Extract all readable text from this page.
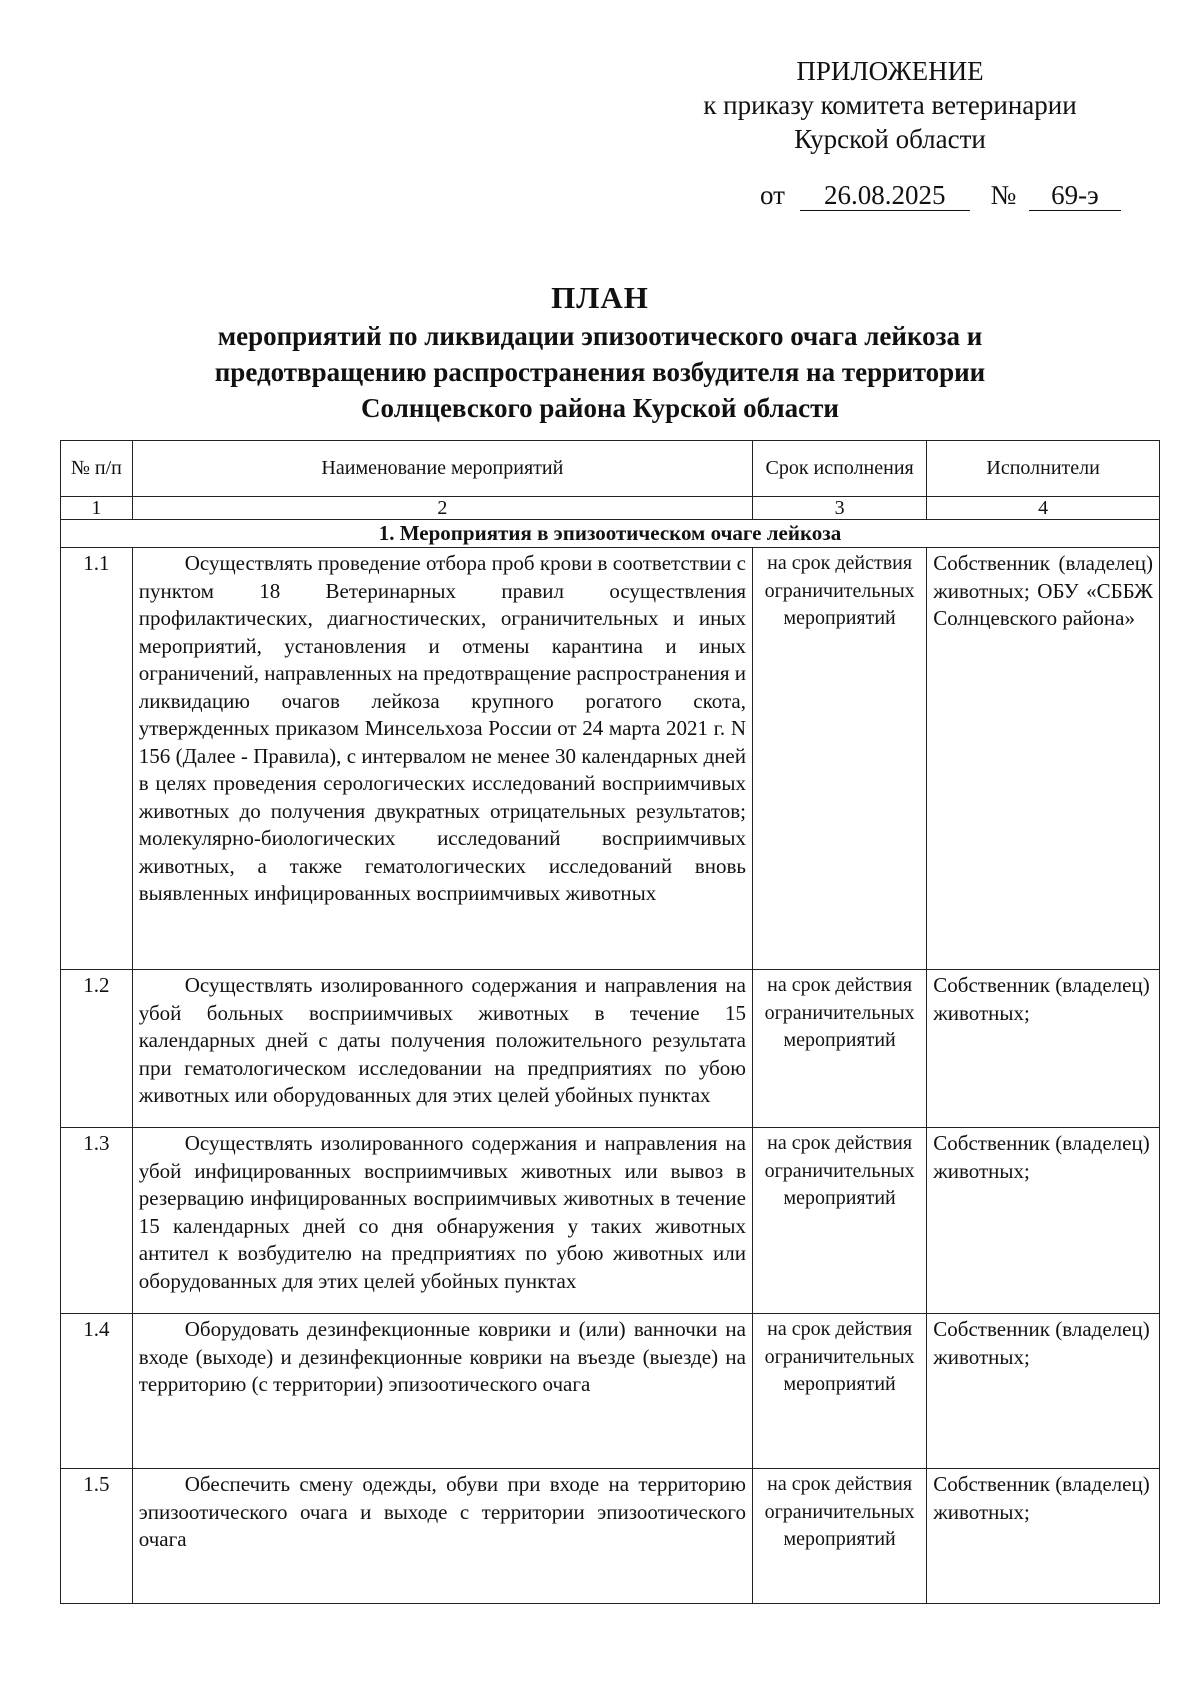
ПРИЛОЖЕНИЕ
к приказу комитета ветеринарии
Курской области
от 26.08.2025 № 69-э
ПЛАН
мероприятий по ликвидации эпизоотического очага лейкоза и
предотвращению распространения возбудителя на территории
Солнцевского района Курской области
№ п/п	Наименование мероприятий	Срок исполнения	Исполнители
1	2	3	4
1. Мероприятия в эпизоотическом очаге лейкоза			
1.1	Осуществлять проведение отбора проб крови в соответствии с пунктом 18 Ветеринарных правил осуществления профилактических, диагностических, ограничительных и иных мероприятий, установления и отмены карантина и иных ограничений, направленных на предотвращение распространения и ликвидацию очагов лейкоза крупного рогатого скота, утвержденных приказом Минсельхоза России от 24 марта 2021 г. N 156 (Далее - Правила), с интервалом не менее 30 календарных дней в целях проведения серологических исследований восприимчивых животных до получения двукратных отрицательных результатов; молекулярно-биологических исследований восприимчивых животных, а также гематологических исследований вновь выявленных инфицированных восприимчивых животных	на срок действия ограничительных мероприятий	Собственник (владелец) животных; ОБУ «СББЖ Солнцевского района»
1.2	Осуществлять изолированного содержания и направления на убой больных восприимчивых животных в течение 15 календарных дней с даты получения положительного результата при гематологическом исследовании на предприятиях по убою животных или оборудованных для этих целей убойных пунктах	на срок действия ограничительных мероприятий	Собственник (владелец) животных;
1.3	Осуществлять изолированного содержания и направления на убой инфицированных восприимчивых животных или вывоз в резервацию инфицированных восприимчивых животных в течение 15 календарных дней со дня обнаружения у таких животных антител к возбудителю на предприятиях по убою животных или оборудованных для этих целей убойных пунктах	на срок действия ограничительных мероприятий	Собственник (владелец) животных;
1.4	Оборудовать дезинфекционные коврики и (или) ванночки на входе (выходе) и дезинфекционные коврики на въезде (выезде) на территорию (с территории) эпизоотического очага	на срок действия ограничительных мероприятий	Собственник (владелец) животных;
1.5	Обеспечить смену одежды, обуви при входе на территорию эпизоотического очага и выходе с территории эпизоотического очага	на срок действия ограничительных мероприятий	Собственник (владелец) животных;
